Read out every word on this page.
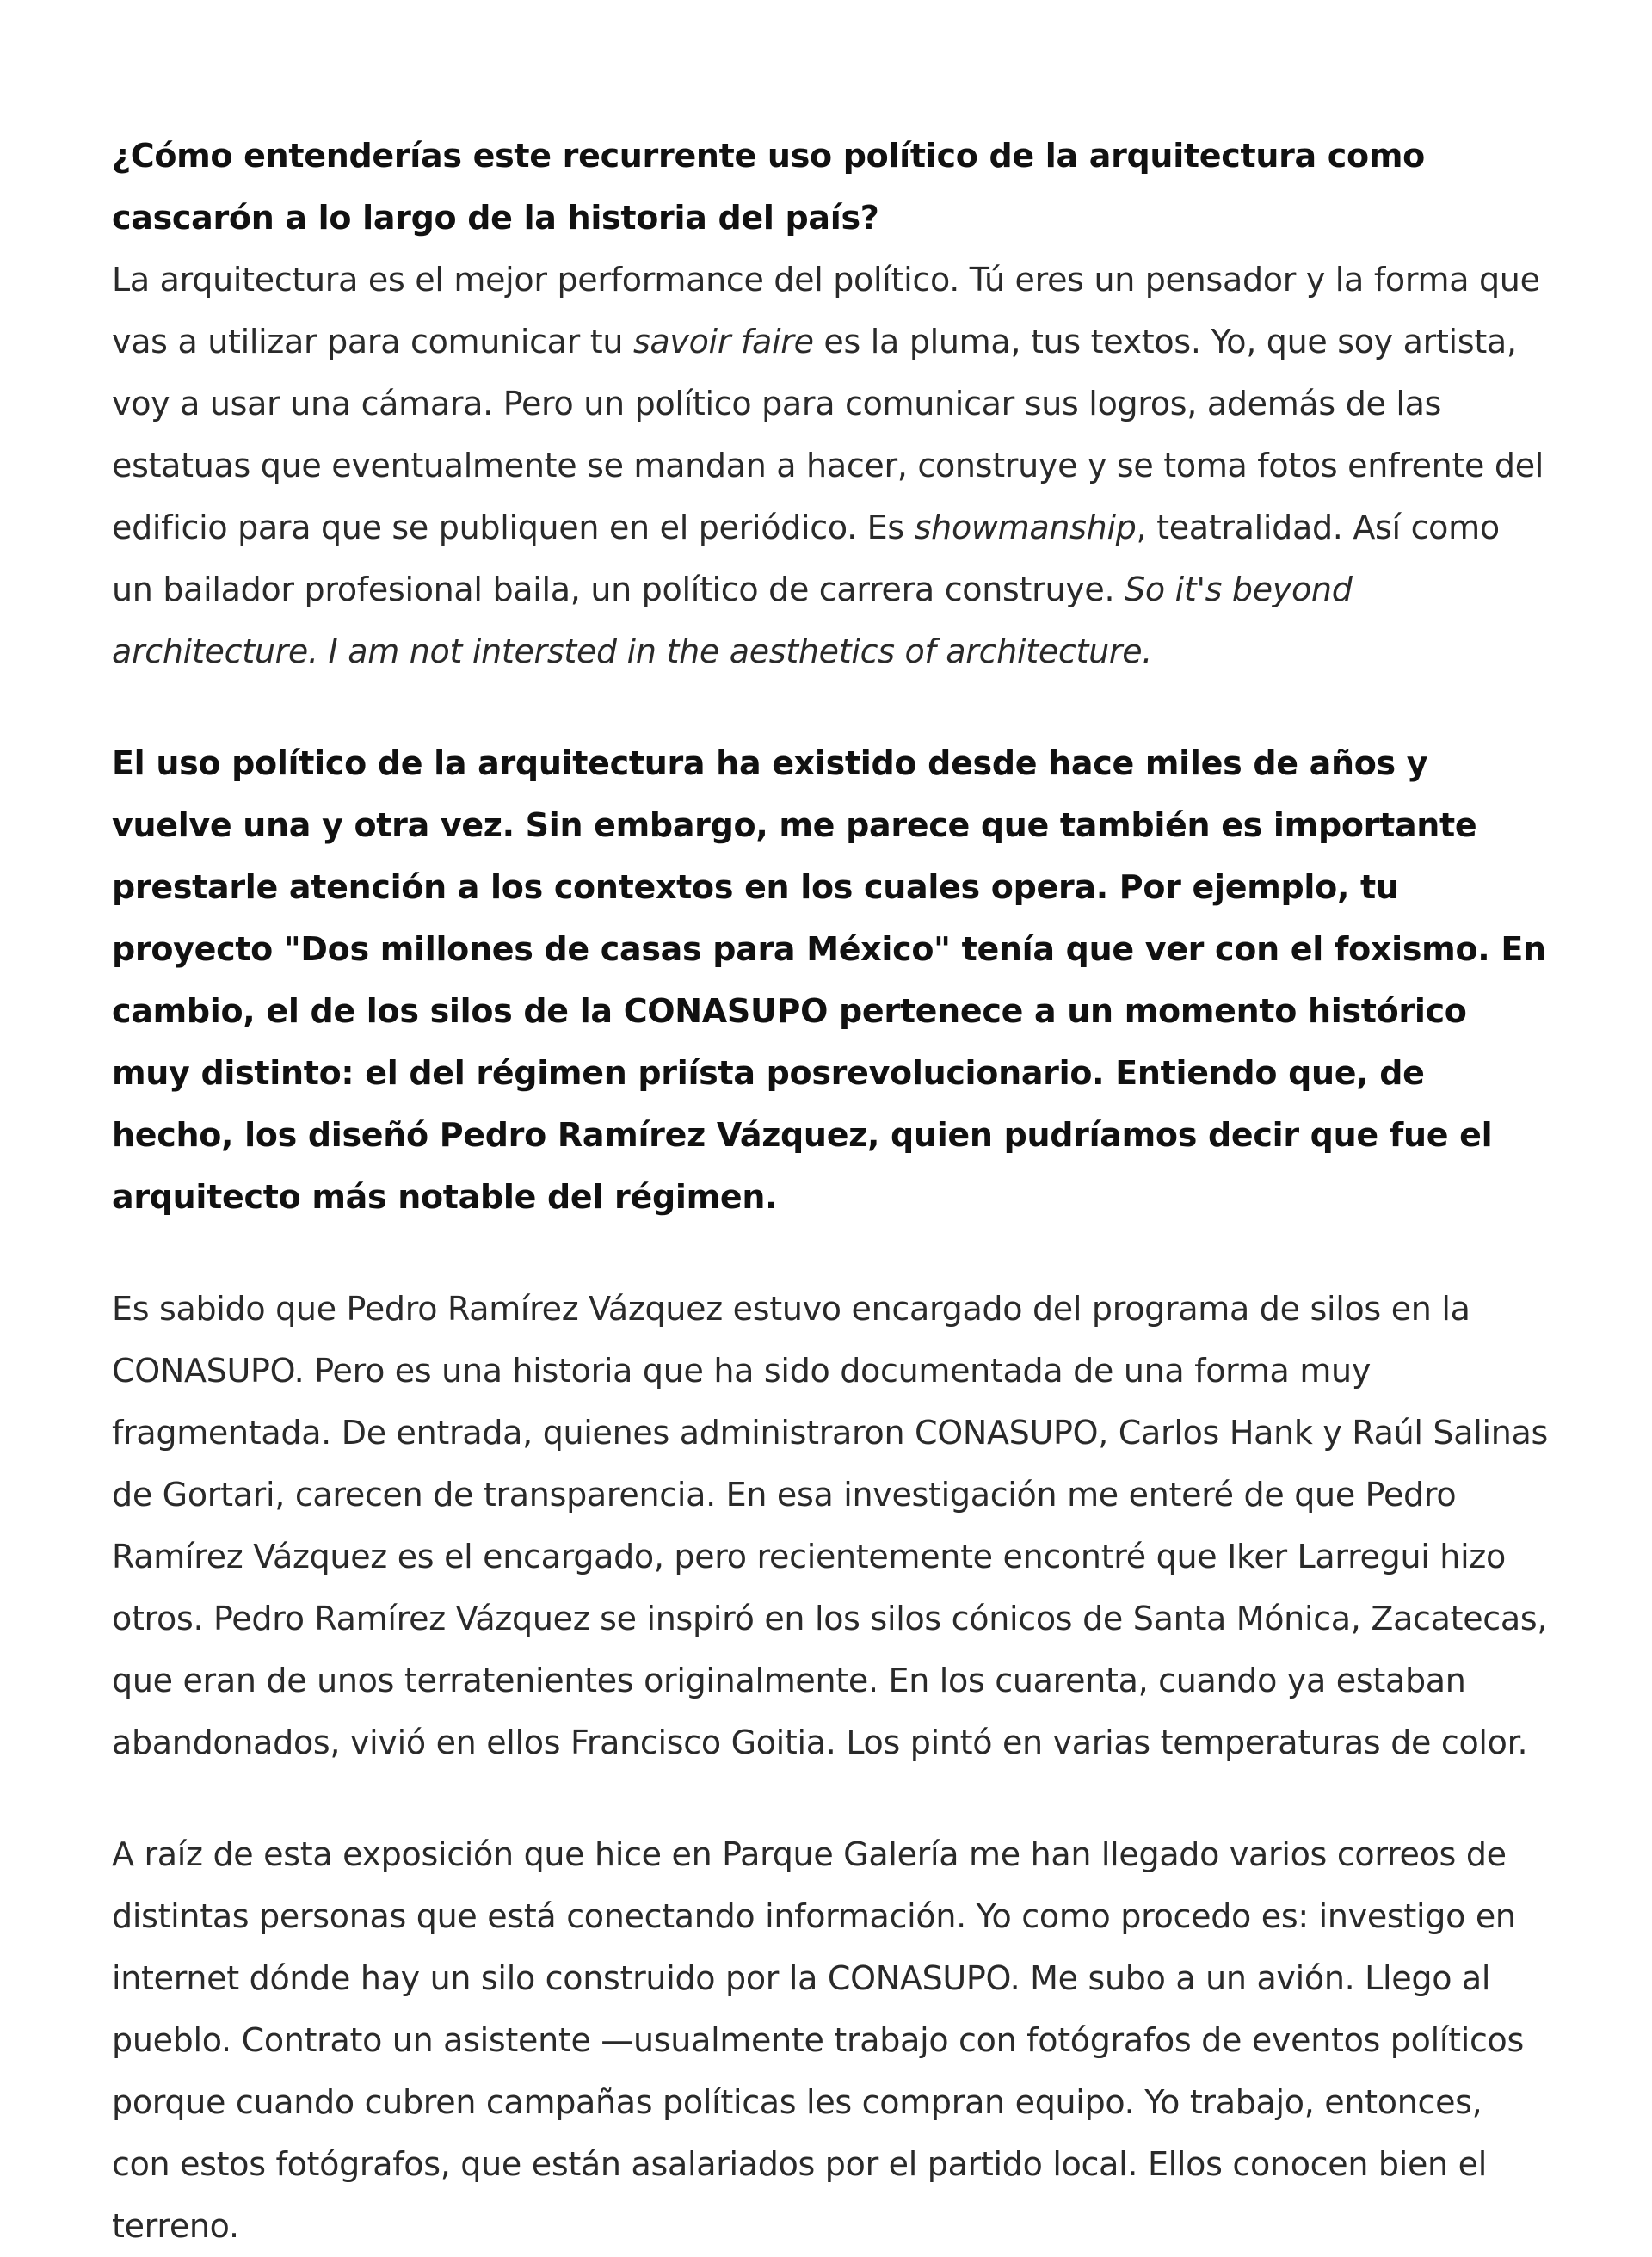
¿Cómo entenderías este recurrente uso político de la arquitectura como cascarón a lo largo de la historia del país?

La arquitectura es el mejor performance del político. Tú eres un pensador y la forma que vas a utilizar para comunicar tu savoir faire es la pluma, tus textos. Yo, que soy artista, voy a usar una cámara. Pero un político para comunicar sus logros, además de las estatuas que eventualmente se mandan a hacer, construye y se toma fotos enfrente del edificio para que se publiquen en el periódico. Es showmanship, teatralidad. Así como un bailador profesional baila, un político de carrera construye. So it's beyond architecture. I am not intersted in the aesthetics of architecture.

El uso político de la arquitectura ha existido desde hace miles de años y vuelve una y otra vez. Sin embargo, me parece que también es importante prestarle atención a los contextos en los cuales opera. Por ejemplo, tu proyecto "Dos millones de casas para México" tenía que ver con el foxismo. En cambio, el de los silos de la CONASUPO pertenece a un momento histórico muy distinto: el del régimen priísta posrevolucionario. Entiendo que, de hecho, los diseñó Pedro Ramírez Vázquez, quien pudríamos decir que fue el arquitecto más notable del régimen.

Es sabido que Pedro Ramírez Vázquez estuvo encargado del programa de silos en la CONASUPO. Pero es una historia que ha sido documentada de una forma muy fragmentada. De entrada, quienes administraron CONASUPO, Carlos Hank y Raúl Salinas de Gortari, carecen de transparencia. En esa investigación me enteré de que Pedro Ramírez Vázquez es el encargado, pero recientemente encontré que Iker Larregui hizo otros. Pedro Ramírez Vázquez se inspiró en los silos cónicos de Santa Mónica, Zacatecas, que eran de unos terratenientes originalmente. En los cuarenta, cuando ya estaban abandonados, vivió en ellos Francisco Goitia. Los pintó en varias temperaturas de color.

A raíz de esta exposición que hice en Parque Galería me han llegado varios correos de distintas personas que está conectando información. Yo como procedo es: investigo en internet dónde hay un silo construido por la CONASUPO. Me subo a un avión. Llego al pueblo. Contrato un asistente —usualmente trabajo con fotógrafos de eventos políticos porque cuando cubren campañas políticas les compran equipo. Yo trabajo, entonces, con estos fotógrafos, que están asalariados por el partido local. Ellos conocen bien el terreno.
